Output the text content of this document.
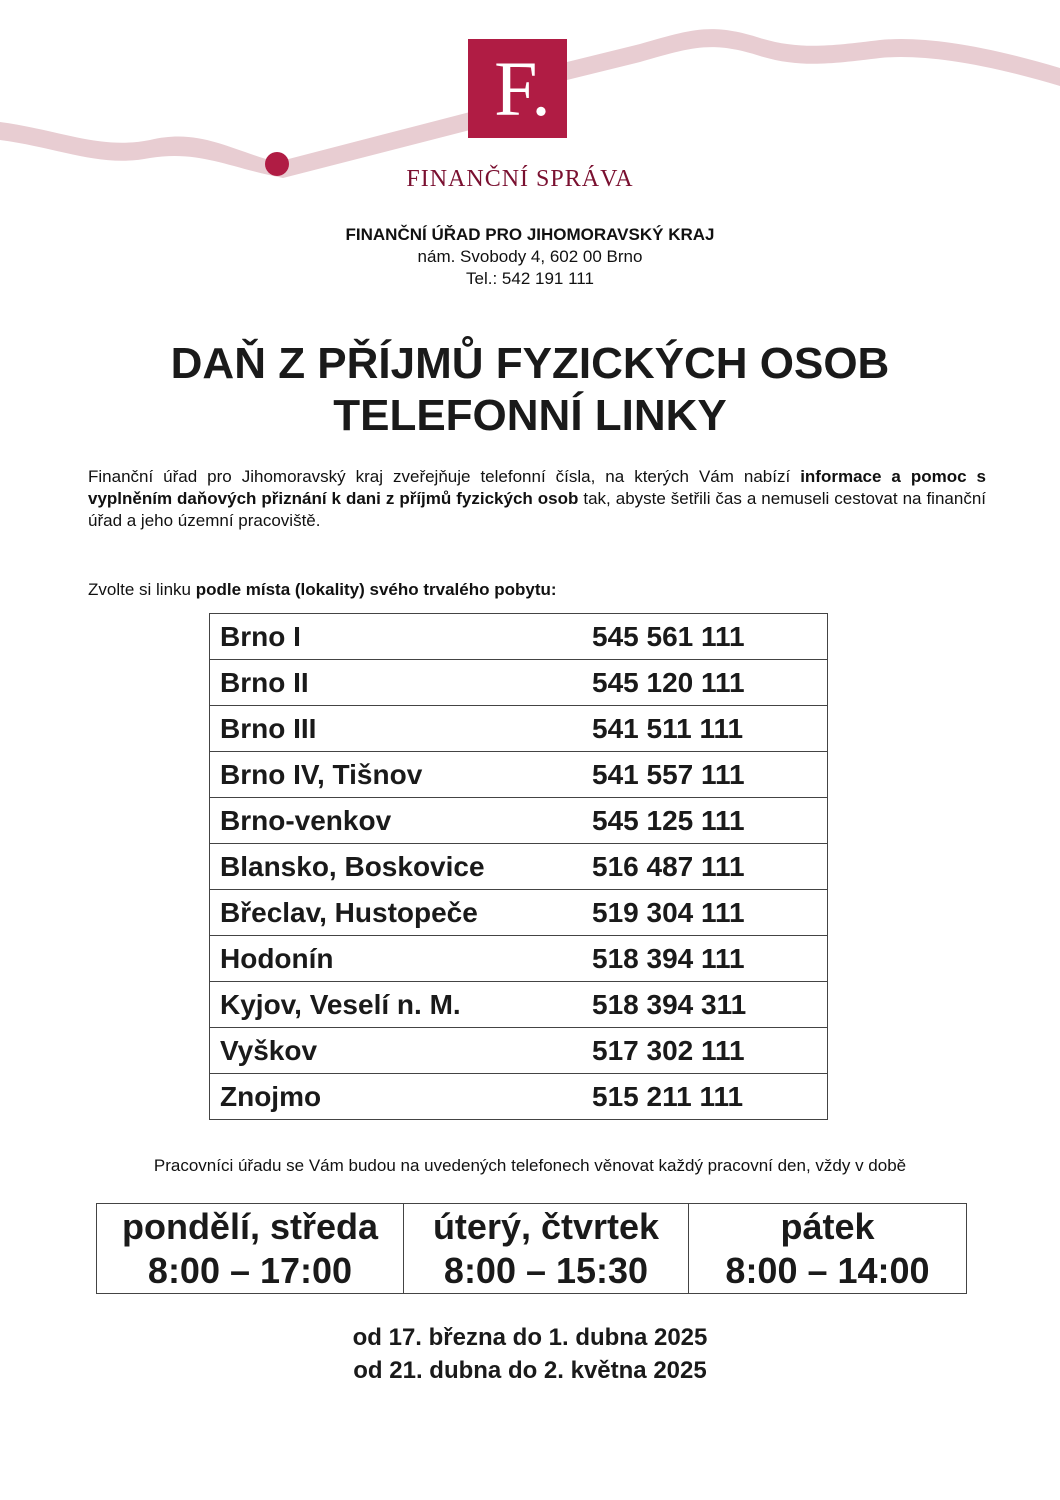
F.
FINANČNÍ SPRÁVA
FINANČNÍ ÚŘAD PRO JIHOMORAVSKÝ KRAJ
nám. Svobody 4, 602 00 Brno
Tel.: 542 191 111
DAŇ Z PŘÍJMŮ FYZICKÝCH OSOB
TELEFONNÍ LINKY
Finanční úřad pro Jihomoravský kraj zveřejňuje telefonní čísla, na kterých Vám nabízí informace a pomoc s vyplněním daňových přiznání k dani z příjmů fyzických osob tak, abyste šetřili čas a nemuseli cestovat na finanční úřad a jeho územní pracoviště.
Zvolte si linku podle místa (lokality) svého trvalého pobytu:
Brno I	545 561 111
Brno II	545 120 111
Brno III	541 511 111
Brno IV, Tišnov	541 557 111
Brno-venkov	545 125 111
Blansko, Boskovice	516 487 111
Břeclav, Hustopeče	519 304 111
Hodonín	518 394 111
Kyjov, Veselí n. M.	518 394 311
Vyškov	517 302 111
Znojmo	515 211 111
Pracovníci úřadu se Vám budou na uvedených telefonech věnovat každý pracovní den, vždy v době
pondělí, středa
8:00 – 17:00

úterý, čtvrtek
8:00 – 15:30

pátek
8:00 – 14:00
od 17. března do 1. dubna 2025
od 21. dubna do 2. května 2025
